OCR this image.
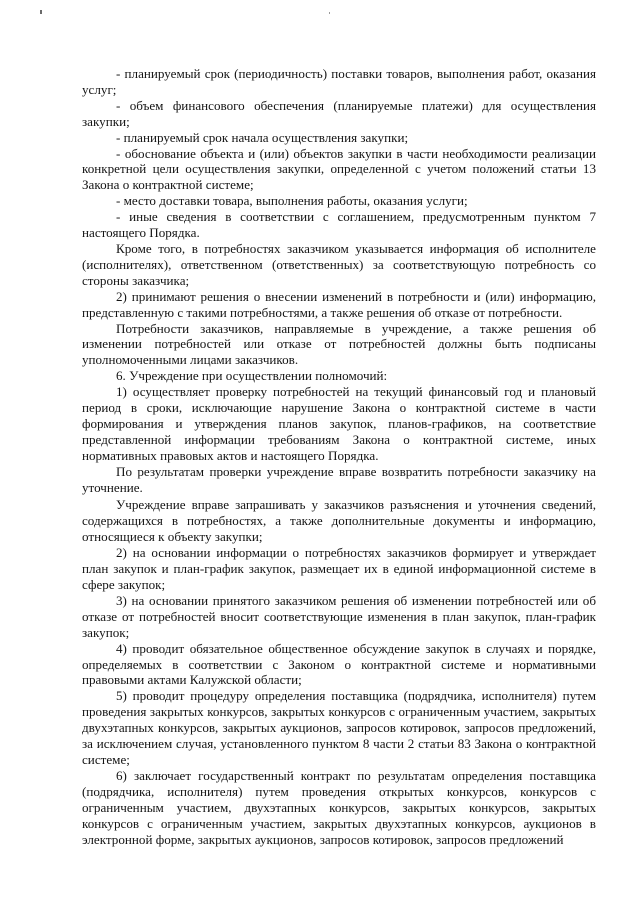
- планируемый срок (периодичность) поставки товаров, выполнения работ, оказания услуг;

- объем финансового обеспечения (планируемые платежи) для осуществления закупки;

- планируемый срок начала осуществления закупки;

- обоснование объекта и (или) объектов закупки в части необходимости реализации конкретной цели осуществления закупки, определенной с учетом положений статьи 13 Закона о контрактной системе;

- место доставки товара, выполнения работы, оказания услуги;

- иные сведения в соответствии с соглашением, предусмотренным пунктом 7 настоящего Порядка.

Кроме того, в потребностях заказчиком указывается информация об исполнителе (исполнителях), ответственном (ответственных) за соответствующую потребность со стороны заказчика;

2) принимают решения о внесении изменений в потребности и (или) информацию, представленную с такими потребностями, а также решения об отказе от потребности.

Потребности заказчиков, направляемые в учреждение, а также решения об изменении потребностей или отказе от потребностей должны быть подписаны уполномоченными лицами заказчиков.

6. Учреждение при осуществлении полномочий:

1) осуществляет проверку потребностей на текущий финансовый год и плановый период в сроки, исключающие нарушение Закона о контрактной системе в части формирования и утверждения планов закупок, планов-графиков, на соответствие представленной информации требованиям Закона о контрактной системе, иных нормативных правовых актов и настоящего Порядка.

По результатам проверки учреждение вправе возвратить потребности заказчику на уточнение.

Учреждение вправе запрашивать у заказчиков разъяснения и уточнения сведений, содержащихся в потребностях, а также дополнительные документы и информацию, относящиеся к объекту закупки;

2) на основании информации о потребностях заказчиков формирует и утверждает план закупок и план-график закупок, размещает их в единой информационной системе в сфере закупок;

3) на основании принятого заказчиком решения об изменении потребностей или об отказе от потребностей вносит соответствующие изменения в план закупок, план-график закупок;

4) проводит обязательное общественное обсуждение закупок в случаях и порядке, определяемых в соответствии с Законом о контрактной системе и нормативными правовыми актами Калужской области;

5) проводит процедуру определения поставщика (подрядчика, исполнителя) путем проведения закрытых конкурсов, закрытых конкурсов с ограниченным участием, закрытых двухэтапных конкурсов, закрытых аукционов, запросов котировок, запросов предложений, за исключением случая, установленного пунктом 8 части 2 статьи 83 Закона о контрактной системе;

6) заключает государственный контракт по результатам определения поставщика (подрядчика, исполнителя) путем проведения открытых конкурсов, конкурсов с ограниченным участием, двухэтапных конкурсов, закрытых конкурсов, закрытых конкурсов с ограниченным участием, закрытых двухэтапных конкурсов, аукционов в электронной форме, закрытых аукционов, запросов котировок, запросов предложений
